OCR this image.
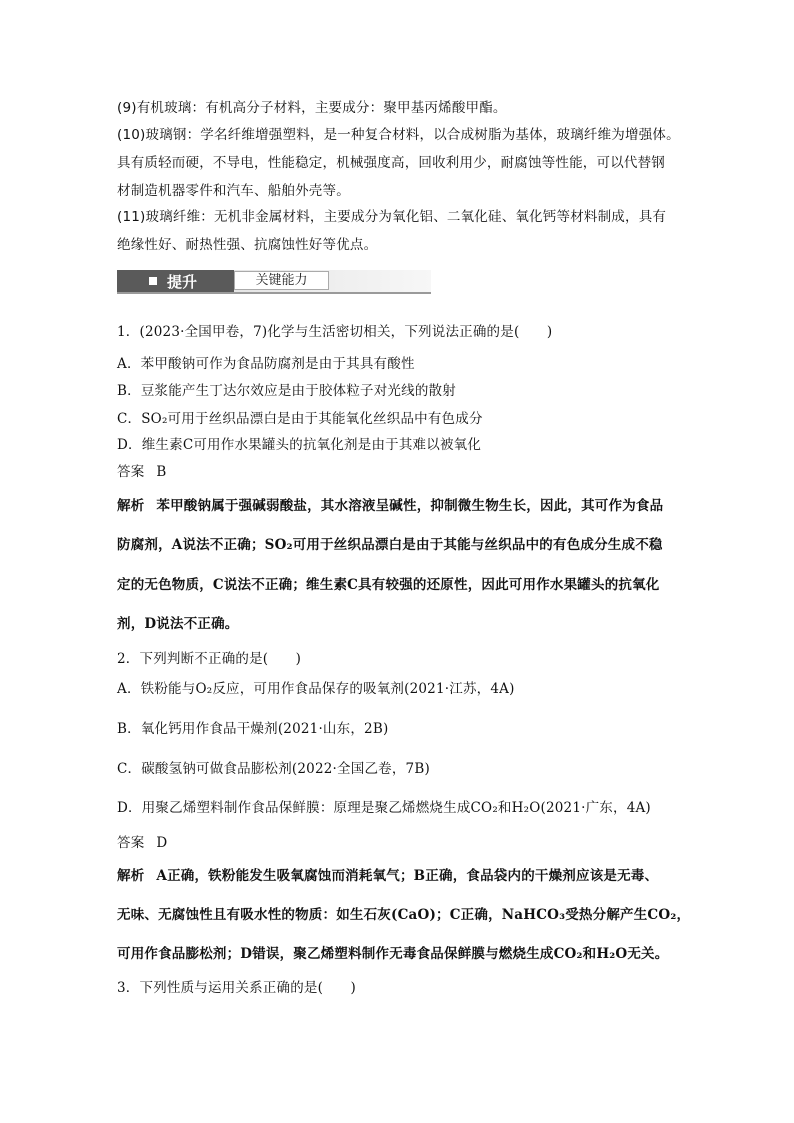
(9)有机玻璃：有机高分子材料，主要成分：聚甲基丙烯酸甲酯。
(10)玻璃钢：学名纤维增强塑料，是一种复合材料，以合成树脂为基体，玻璃纤维为增强体。
具有质轻而硬，不导电，性能稳定，机械强度高，回收利用少，耐腐蚀等性能，可以代替钢
材制造机器零件和汽车、船舶外壳等。
(11)玻璃纤维：无机非金属材料，主要成分为氧化铝、二氧化硅、氧化钙等材料制成，具有
绝缘性好、耐热性强、抗腐蚀性好等优点。
提升	关键能力
1．(2023·全国甲卷，7)化学与生活密切相关，下列说法正确的是(　　)
A．苯甲酸钠可作为食品防腐剂是由于其具有酸性
B．豆浆能产生丁达尔效应是由于胶体粒子对光线的散射
C．SO₂可用于丝织品漂白是由于其能氧化丝织品中有色成分
D．维生素C可用作水果罐头的抗氧化剂是由于其难以被氧化
答案 B
解析 苯甲酸钠属于强碱弱酸盐，其水溶液呈碱性，抑制微生物生长，因此，其可作为食品
防腐剂，A说法不正确；SO₂可用于丝织品漂白是由于其能与丝织品中的有色成分生成不稳
定的无色物质，C说法不正确；维生素C具有较强的还原性，因此可用作水果罐头的抗氧化
剂，D说法不正确。
2．下列判断不正确的是(　　)
A．铁粉能与O₂反应，可用作食品保存的吸氧剂(2021·江苏，4A)
B．氧化钙用作食品干燥剂(2021·山东，2B)
C．碳酸氢钠可做食品膨松剂(2022·全国乙卷，7B)
D．用聚乙烯塑料制作食品保鲜膜：原理是聚乙烯燃烧生成CO₂和H₂O(2021·广东，4A)
答案 D
解析 A正确，铁粉能发生吸氧腐蚀而消耗氧气；B正确，食品袋内的干燥剂应该是无毒、
无味、无腐蚀性且有吸水性的物质：如生石灰(CaO)；C正确，NaHCO₃受热分解产生CO₂，
可用作食品膨松剂；D错误，聚乙烯塑料制作无毒食品保鲜膜与燃烧生成CO₂和H₂O无关。
3．下列性质与运用关系正确的是(　　)
